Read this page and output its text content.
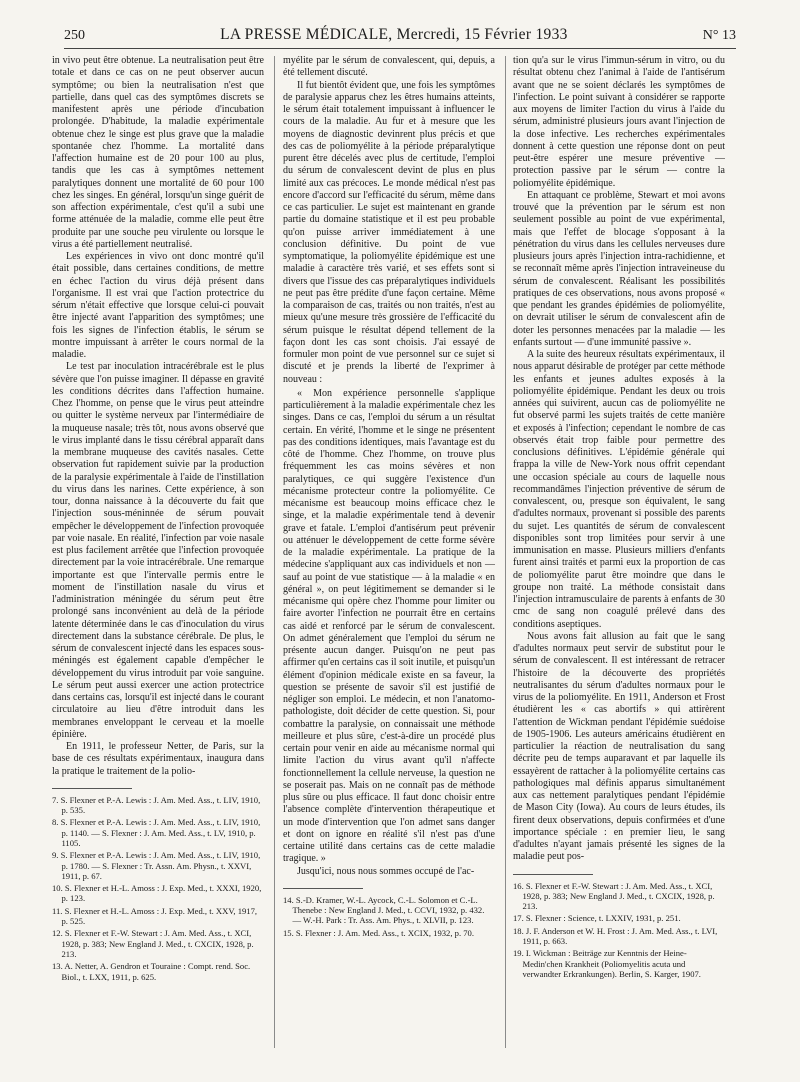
250	LA PRESSE MÉDICALE, Mercredi, 15 Février 1933	N° 13

in vivo peut être obtenue. La neutralisation peut être totale et dans ce cas on ne peut observer aucun symptôme; ou bien la neutralisation n'est que partielle, dans quel cas des symptômes discrets se manifestent après une période d'incubation prolongée. D'habitude, la maladie expérimentale obtenue chez le singe est plus grave que la maladie spontanée chez l'homme. La mortalité dans l'affection humaine est de 20 pour 100 au plus, tandis que les cas à symptômes nettement paralytiques donnent une mortalité de 60 pour 100 chez les singes. En général, lorsqu'un singe guérit de son affection expérimentale, c'est qu'il a subi une forme atténuée de la maladie, comme elle peut être produite par une souche peu virulente ou lorsque le virus a été partiellement neutralisé.

Les expériences in vivo ont donc montré qu'il était possible, dans certaines conditions, de mettre en échec l'action du virus déjà présent dans l'organisme. Il est vrai que l'action protectrice du sérum n'était effective que lorsque celui-ci pouvait être injecté avant l'apparition des symptômes; une fois les signes de l'infection établis, le sérum se montre impuissant à arrêter le cours normal de la maladie.

Le test par inoculation intracérébrale est le plus sévère que l'on puisse imaginer. Il dépasse en gravité les conditions décrites dans l'affection humaine. Chez l'homme, on pense que le virus peut atteindre ou quitter le système nerveux par l'intermédiaire de la muqueuse nasale; très tôt, nous avons observé que le virus implanté dans le tissu cérébral apparaît dans la membrane muqueuse des cavités nasales. Cette observation fut rapidement suivie par la production de la paralysie expérimentale à l'aide de l'instillation du virus dans les narines. Cette expérience, à son tour, donna naissance à la découverte du fait que l'injection sous-méninnée de sérum pouvait empêcher le développement de l'infection provoquée par voie nasale. En réalité, l'infection par voie nasale est plus facilement arrêtée que l'infection provoquée directement par la voie intracérébrale. Une remarque importante est que l'intervalle permis entre le moment de l'instillation nasale du virus et l'administration méningée du sérum peut être prolongé sans inconvénient au delà de la période latente déterminée dans le cas d'inoculation du virus directement dans la substance cérébrale. De plus, le sérum de convalescent injecté dans les espaces sous-méningés est également capable d'empêcher le développement du virus introduit par voie sanguine. Le sérum peut aussi exercer une action protectrice dans certains cas, lorsqu'il est injecté dans le courant circulatoire au lieu d'être introduit dans les membranes enveloppant le cerveau et la moelle épinière.

En 1911, le professeur Netter, de Paris, sur la base de ces résultats expérimentaux, inaugura dans la pratique le traitement de la polio-

7. S. Flexner et P.-A. Lewis : J. Am. Med. Ass., t. LIV, 1910, p. 535.

8. S. Flexner et P.-A. Lewis : J. Am. Med. Ass., t. LIV, 1910, p. 1140. — S. Flexner : J. Am. Med. Ass., t. LV, 1910, p. 1105.

9. S. Flexner et P.-A. Lewis : J. Am. Med. Ass., t. LIV, 1910, p. 1780. — S. Flexner : Tr. Assn. Am. Physn., t. XXVI, 1911, p. 67.

10. S. Flexner et H.-L. Amoss : J. Exp. Med., t. XXXI, 1920, p. 123.

11. S. Flexner et H.-L. Amoss : J. Exp. Med., t. XXV, 1917, p. 525.

12. S. Flexner et F.-W. Stewart : J. Am. Med. Ass., t. XCI, 1928, p. 383; New England J. Med., t. CXCIX, 1928, p. 213.

13. A. Netter, A. Gendron et Touraine : Compt. rend. Soc. Biol., t. LXX, 1911, p. 625.

myélite par le sérum de convalescent, qui, depuis, a été tellement discuté.

Il fut bientôt évident que, une fois les symptômes de paralysie apparus chez les êtres humains atteints, le sérum était totalement impuissant à influencer le cours de la maladie. Au fur et à mesure que les moyens de diagnostic devinrent plus précis et que des cas de poliomyélite à la période préparalytique purent être décelés avec plus de certitude, l'emploi du sérum de convalescent devint de plus en plus limité aux cas précoces. Le monde médical n'est pas encore d'accord sur l'efficacité du sérum, même dans ce cas particulier. Le sujet est maintenant en grande partie du domaine statistique et il est peu probable qu'on puisse arriver immédiatement à une conclusion définitive. Du point de vue symptomatique, la poliomyélite épidémique est une maladie à caractère très varié, et ses effets sont si divers que l'issue des cas préparalytiques individuels ne peut pas être prédite d'une façon certaine. Même la comparaison de cas, traités ou non traités, n'est au mieux qu'une mesure très grossière de l'efficacité du sérum puisque le résultat dépend tellement de la façon dont les cas sont choisis. J'ai essayé de formuler mon point de vue personnel sur ce sujet si discuté et je prends la liberté de l'exprimer à nouveau :

« Mon expérience personnelle s'applique particulièrement à la maladie expérimentale chez les singes. Dans ce cas, l'emploi du sérum a un résultat certain. En vérité, l'homme et le singe ne présentent pas des conditions identiques, mais l'avantage est du côté de l'homme. Chez l'homme, on trouve plus fréquemment les cas moins sévères et non paralytiques, ce qui suggère l'existence d'un mécanisme protecteur contre la poliomyélite. Ce mécanisme est beaucoup moins efficace chez le singe, et la maladie expérimentale tend à devenir grave et fatale. L'emploi d'antisérum peut prévenir ou atténuer le développement de cette forme sévère de la maladie expérimentale. La pratique de la médecine s'appliquant aux cas individuels et non — sauf au point de vue statistique — à la maladie « en général », on peut légitimement se demander si le mécanisme qui opère chez l'homme pour limiter ou faire avorter l'infection ne pourrait être en certains cas aidé et renforcé par le sérum de convalescent. On admet généralement que l'emploi du sérum ne présente aucun danger. Puisqu'on ne peut pas affirmer qu'en certains cas il soit inutile, et puisqu'un élément d'opinion médicale existe en sa faveur, la question se présente de savoir s'il est justifié de négliger son emploi. Le médecin, et non l'anatomo-pathologiste, doit décider de cette question. Si, pour combattre la paralysie, on connaissait une méthode meilleure et plus sûre, c'est-à-dire un procédé plus certain pour venir en aide au mécanisme normal qui limite l'action du virus avant qu'il n'affecte fonctionnellement la cellule nerveuse, la question ne se poserait pas. Mais on ne connaît pas de méthode plus sûre ou plus efficace. Il faut donc choisir entre l'absence complète d'intervention thérapeutique et un mode d'intervention que l'on admet sans danger et dont on ignore en réalité s'il n'est pas d'une certaine utilité dans certains cas de cette maladie tragique. »

Jusqu'ici, nous nous sommes occupé de l'ac-

14. S.-D. Kramer, W.-L. Aycock, C.-L. Solomon et C.-L. Thenebe : New England J. Med., t. CCVI, 1932, p. 432. — W.-H. Park : Tr. Ass. Am. Phys., t. XLVII, p. 123.

15. S. Flexner : J. Am. Med. Ass., t. XCIX, 1932, p. 70.

tion qu'a sur le virus l'immun-sérum in vitro, ou du résultat obtenu chez l'animal à l'aide de l'antisérum avant que ne se soient déclarés les symptômes de l'infection. Le point suivant à considérer se rapporte aux moyens de limiter l'action du virus à l'aide du sérum, administré plusieurs jours avant l'injection de la dose infective. Les recherches expérimentales donnent à cette question une réponse dont on peut peut-être espérer une mesure préventive — protection passive par le sérum — contre la poliomyélite épidémique.

En attaquant ce problème, Stewart et moi avons trouvé que la prévention par le sérum est non seulement possible au point de vue expérimental, mais que l'effet de blocage s'opposant à la pénétration du virus dans les cellules nerveuses dure plusieurs jours après l'injection intra-rachidienne, et se reconnaît même après l'injection intraveineuse du sérum de convalescent. Réalisant les possibilités pratiques de ces observations, nous avons proposé « que pendant les grandes épidémies de poliomyélite, on devrait utiliser le sérum de convalescent afin de doter les personnes menacées par la maladie — les enfants surtout — d'une immunité passive ».

A la suite des heureux résultats expérimentaux, il nous apparut désirable de protéger par cette méthode les enfants et jeunes adultes exposés à la poliomyélite épidémique. Pendant les deux ou trois années qui suivirent, aucun cas de poliomyélite ne fut observé parmi les sujets traités de cette manière et exposés à l'infection; cependant le nombre de cas observés était trop faible pour permettre des conclusions définitives. L'épidémie générale qui frappa la ville de New-York nous offrit cependant une occasion spéciale au cours de laquelle nous recommandâmes l'injection préventive de sérum de convalescent, ou, presque son équivalent, le sang d'adultes normaux, provenant si possible des parents du sujet. Les quantités de sérum de convalescent disponibles sont trop limitées pour servir à une immunisation en masse. Plusieurs milliers d'enfants furent ainsi traités et parmi eux la proportion de cas de poliomyélite parut être moindre que dans le groupe non traité. La méthode consistait dans l'injection intramusculaire de parents à enfants de 30 cmc de sang non coagulé prélevé dans des conditions aseptiques.

Nous avons fait allusion au fait que le sang d'adultes normaux peut servir de substitut pour le sérum de convalescent. Il est intéressant de retracer l'histoire de la découverte des propriétés neutralisantes du sérum d'adultes normaux pour le virus de la poliomyélite. En 1911, Anderson et Frost étudièrent les « cas abortifs » qui attirèrent l'attention de Wickman pendant l'épidémie suédoise de 1905-1906. Les auteurs américains étudièrent en particulier la réaction de neutralisation du sang décrite peu de temps auparavant et par laquelle ils essayèrent de rattacher à la poliomyélite certains cas pathologiques mal définis apparus simultanément aux cas nettement paralytiques pendant l'épidémie de Mason City (Iowa). Au cours de leurs études, ils firent deux observations, depuis confirmées et d'une importance spéciale : en premier lieu, le sang d'adultes n'ayant jamais présenté les signes de la maladie peut pos-

16. S. Flexner et F.-W. Stewart : J. Am. Med. Ass., t. XCI, 1928, p. 383; New England J. Med., t. CXCIX, 1928, p. 213.

17. S. Flexner : Science, t. LXXIV, 1931, p. 251.

18. J. F. Anderson et W. H. Frost : J. Am. Med. Ass., t. LVI, 1911, p. 663.

19. I. Wickman : Beiträge zur Kenntnis der Heine-Medin'chen Krankheit (Poliomyelitis acuta und verwandter Erkrankungen). Berlin, S. Karger, 1907.
